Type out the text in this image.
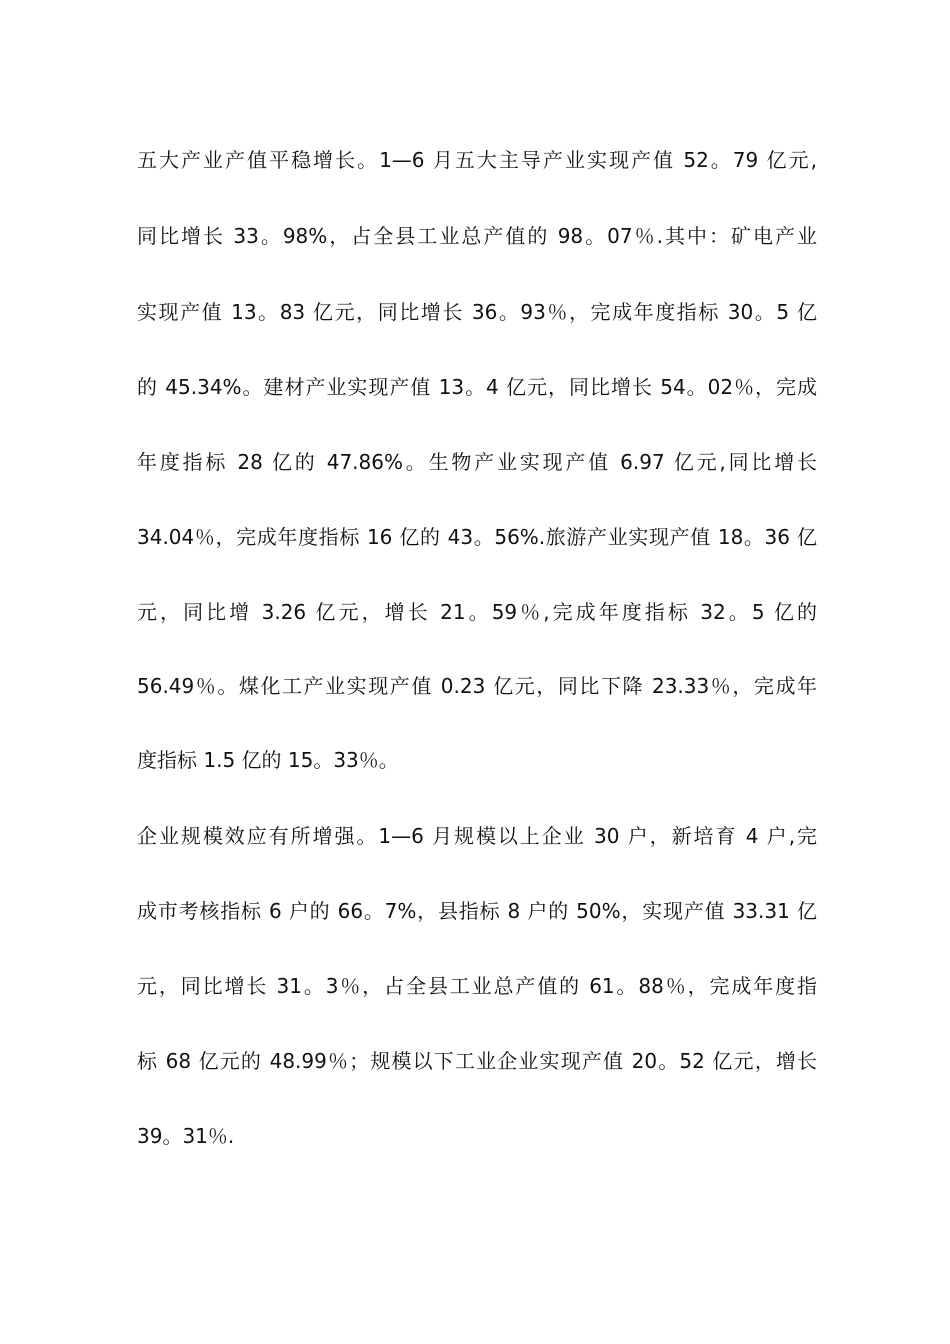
五大产业产值平稳增长。1—6 月五大主导产业实现产值 52。79 亿元,
同比增长 33。98%，占全县工业总产值的 98。07％.其中：矿电产业
实现产值 13。83 亿元，同比增长 36。93％，完成年度指标 30。5 亿
的 45.34%。建材产业实现产值 13。4 亿元，同比增长 54。02％，完成
年度指标 28 亿的 47.86%。生物产业实现产值 6.97 亿元,同比增长
34.04％，完成年度指标 16 亿的 43。56%.旅游产业实现产值 18。36 亿
元，同比增 3.26 亿元，增长 21。59％,完成年度指标 32。5 亿的
56.49％。煤化工产业实现产值 0.23 亿元，同比下降 23.33％，完成年
度指标 1.5 亿的 15。33％。
企业规模效应有所增强。1—6 月规模以上企业 30 户，新培育 4 户,完
成市考核指标 6 户的 66。7%，县指标 8 户的 50%，实现产值 33.31 亿
元，同比增长 31。3％，占全县工业总产值的 61。88％，完成年度指
标 68 亿元的 48.99％；规模以下工业企业实现产值 20。52 亿元，增长
39。31％.
